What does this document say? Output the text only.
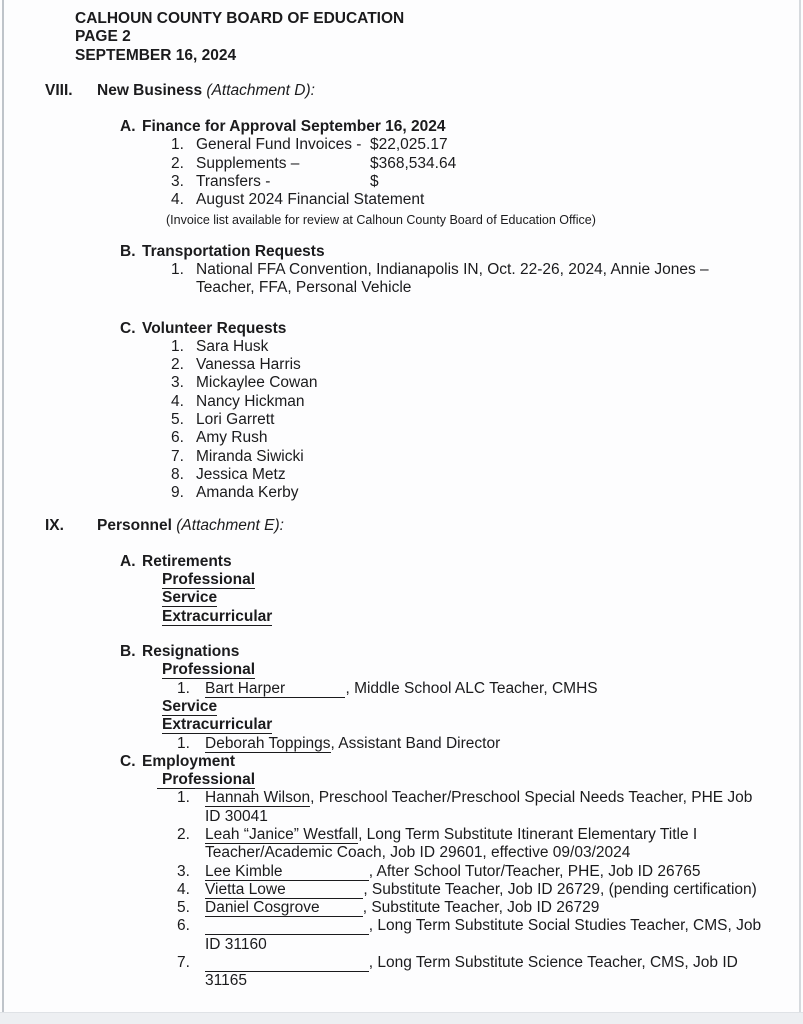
CALHOUN COUNTY BOARD OF EDUCATION
PAGE 2
SEPTEMBER 16, 2024
VIII.	New Business (Attachment D):
A. Finance for Approval September 16, 2024
1. General Fund Invoices - $22,025.17
2. Supplements –	$368,534.64
3. Transfers -	$
4. August 2024 Financial Statement
(Invoice list available for review at Calhoun County Board of Education Office)
B. Transportation Requests
1. National FFA Convention, Indianapolis IN, Oct. 22-26, 2024, Annie Jones – Teacher, FFA, Personal Vehicle
C. Volunteer Requests
1. Sara Husk
2. Vanessa Harris
3. Mickaylee Cowan
4. Nancy Hickman
5. Lori Garrett
6. Amy Rush
7. Miranda Siwicki
8. Jessica Metz
9. Amanda Kerby
IX.	Personnel (Attachment E):
A. Retirements
Professional
Service
Extracurricular
B. Resignations
Professional
1. Bart Harper	, Middle School ALC Teacher, CMHS
Service
Extracurricular
1. Deborah Toppings, Assistant Band Director
C. Employment
Professional
1. Hannah Wilson, Preschool Teacher/Preschool Special Needs Teacher, PHE Job ID 30041
2. Leah “Janice” Westfall, Long Term Substitute Itinerant Elementary Title I Teacher/Academic Coach, Job ID 29601, effective 09/03/2024
3. Lee Kimble	, After School Tutor/Teacher, PHE, Job ID 26765
4. Vietta Lowe	, Substitute Teacher, Job ID 26729, (pending certification)
5. Daniel Cosgrove	, Substitute Teacher, Job ID 26729
6.	, Long Term Substitute Social Studies Teacher, CMS, Job ID 31160
7.	, Long Term Substitute Science Teacher, CMS, Job ID 31165
